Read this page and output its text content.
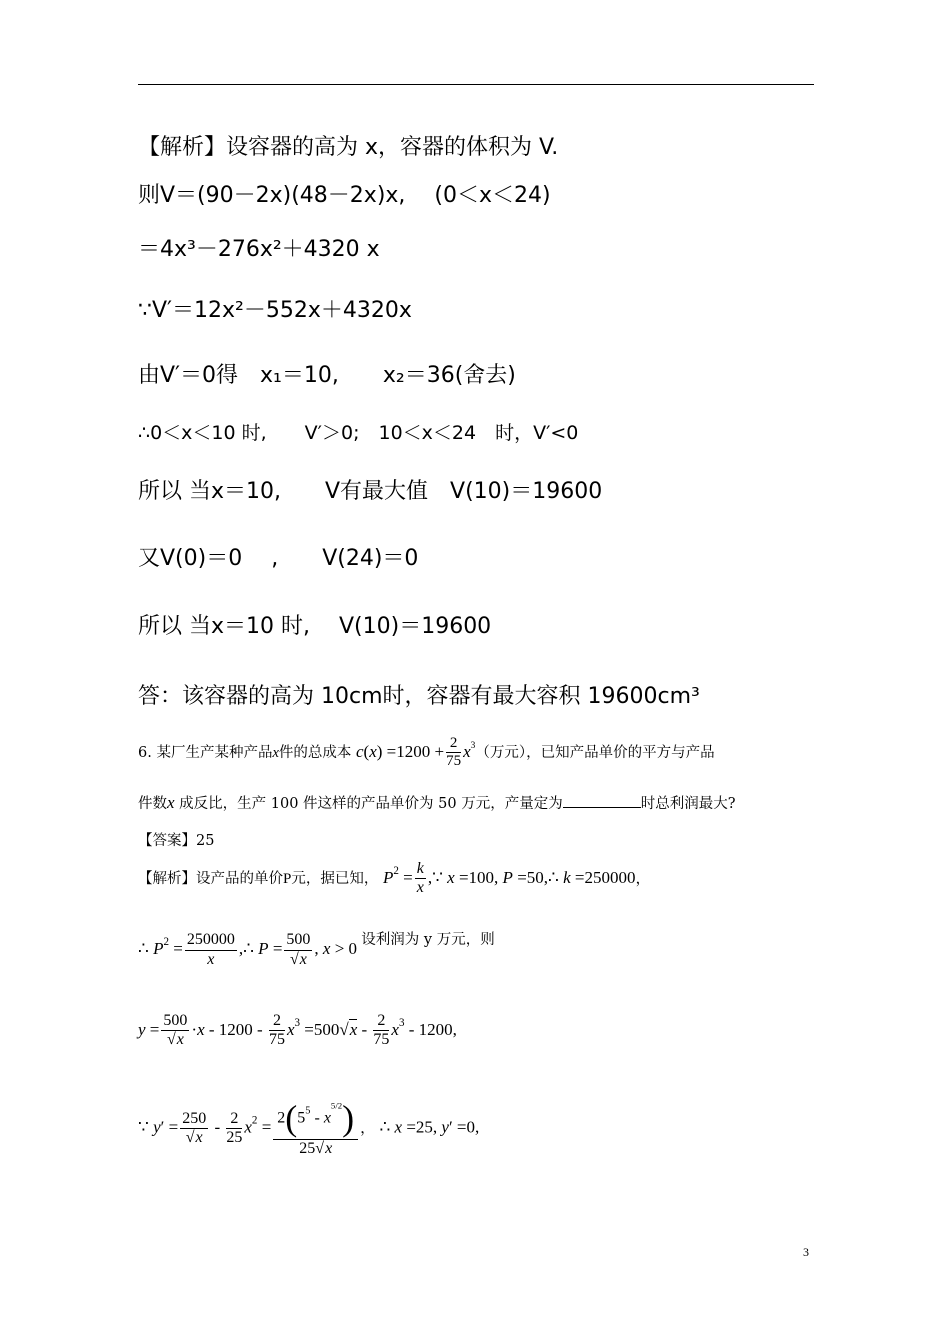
【解析】设容器的高为 x，容器的体积为 V.
则V＝(90－2x)(48－2x)x,　 (0＜x＜24)
＝4x³－276x²＋4320 x
∵V′＝12x²－552x＋4320x
由V′＝0得　x₁＝10,　　x₂＝36(舍去)
∴0＜x＜10 时,　　V′＞0;　10＜x＜24　时，V′<0
所以 当x＝10,　　V有最大值　V(10)＝19600
又V(0)＝0　 ,　　V(24)＝0
所以 当x＝10 时,　 V(10)＝19600
答：该容器的高为 10cm时，容器有最大容积 19600cm³
6. 某厂生产某种产品x件的总成本 $c(x) =1200 + \frac{2}{75} x^3$（万元），已知产品单价的平方与产品
件数x 成反比，生产 100 件这样的产品单价为 50 万元，产量定为	时总利润最大?
【答案】25
【解析】设产品的单价P元，据已知， $P^2 = \frac{k}{x}$ ,∵ x =100, P =50,∴ k =250000，
∴ $P^2 = \frac{250000}{x}$ ,∴ $P = \frac{500}{√x}$ , x > 0 设利润为 y 万元，则
$y = \frac{500}{√x} \cdot x - 1200 - \frac{2}{75} x^3 =500√x - \frac{2}{75} x^3 - 1200$,
∵ $y' = \frac{250}{√x} - \frac{2}{25} x^2 = \frac{2(5^5 - x^{5/2})}{25√x}$ ， ∴ x =25, y′ =0,
3
